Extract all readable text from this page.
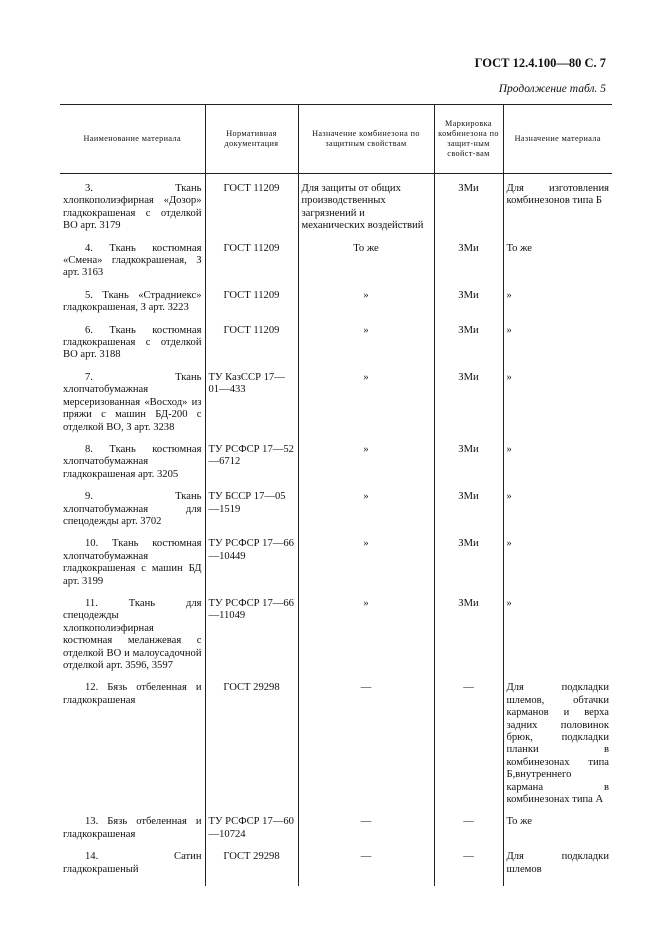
ГОСТ 12.4.100—80 С. 7
Продолжение табл. 5
Наименование материала	Нормативная документация	Назначение комбинезона по защитным свойствам	Маркировка комбинезона по защит-ным свойст-вам	Назначение материала

3. Ткань хлопкополиэфирная «Дозор» гладкокрашеная с отделкой ВО арт. 3179	ГОСТ 11209	Для защиты от общих производственных загрязнений и механических воздействий	ЗМи	Для изготовления комбинезонов типа Б
4. Ткань костюмная «Смена» гладкокрашеная, З арт. 3163	ГОСТ 11209	То же	ЗМи	То же
5. Ткань «Страдниекс» гладкокрашеная, З арт. 3223	ГОСТ 11209	»	ЗМи	»
6. Ткань костюмная гладкокрашеная с отделкой ВО арт. 3188	ГОСТ 11209	»	ЗМи	»
7. Ткань хлопчатобумажная мерсеризованная «Восход» из пряжи с машин БД-200 с отделкой ВО, З арт. 3238	ТУ КазССР 17—01—433	»	ЗМи	»
8. Ткань костюмная хлопчатобумажная гладкокрашеная арт. 3205	ТУ РСФСР 17—52—6712	»	ЗМи	»
9. Ткань хлопчатобумажная для спецодежды арт. 3702	ТУ БССР 17—05—1519	»	ЗМи	»
10. Ткань костюмная хлопчатобумажная гладкокрашеная с машин БД арт. 3199	ТУ РСФСР 17—66—10449	»	ЗМи	»
11. Ткань для спецодежды хлопкополиэфирная костюмная меланжевая с отделкой ВО и малоусадочной отделкой арт. 3596, 3597	ТУ РСФСР 17—66—11049	»	ЗМи	»
12. Бязь отбеленная и гладкокрашеная	ГОСТ 29298	—	—	Для подкладки шлемов, обтачки карманов и верха задних половинок брюк, подкладки планки в комбинезонах типа Б,внутреннего кармана в комбинезонах типа А
13. Бязь отбеленная и гладкокрашеная	ТУ РСФСР 17—60—10724	—	—	То же
14. Сатин гладкокрашеный	ГОСТ 29298	—	—	Для подкладки шлемов
